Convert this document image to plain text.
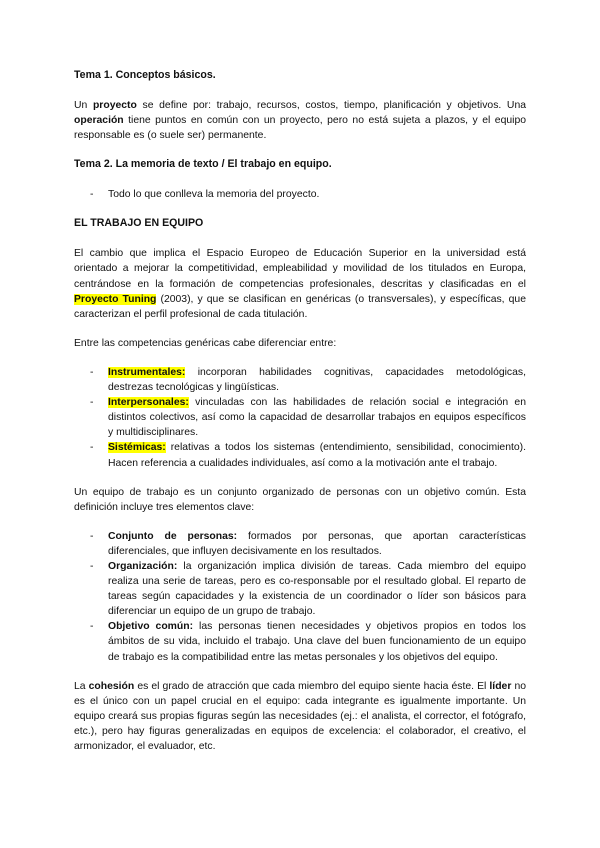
Tema 1. Conceptos básicos.

Un proyecto se define por: trabajo, recursos, costos, tiempo, planificación y objetivos. Una operación tiene puntos en común con un proyecto, pero no está sujeta a plazos, y el equipo responsable es (o suele ser) permanente.

Tema 2. La memoria de texto / El trabajo en equipo.
- Todo lo que conlleva la memoria del proyecto.
EL TRABAJO EN EQUIPO

El cambio que implica el Espacio Europeo de Educación Superior en la universidad está orientado a mejorar la competitividad, empleabilidad y movilidad de los titulados en Europa, centrándose en la formación de competencias profesionales, descritas y clasificadas en el Proyecto Tuning (2003), y que se clasifican en genéricas (o transversales), y específicas, que caracterizan el perfil profesional de cada titulación.

Entre las competencias genéricas cabe diferenciar entre:

- Instrumentales: incorporan habilidades cognitivas, capacidades metodológicas, destrezas tecnológicas y lingüísticas.
- Interpersonales: vinculadas con las habilidades de relación social e integración en distintos colectivos, así como la capacidad de desarrollar trabajos en equipos específicos y multidisciplinares.
- Sistémicas: relativas a todos los sistemas (entendimiento, sensibilidad, conocimiento). Hacen referencia a cualidades individuales, así como a la motivación ante el trabajo.

Un equipo de trabajo es un conjunto organizado de personas con un objetivo común. Esta definición incluye tres elementos clave:

- Conjunto de personas: formados por personas, que aportan características diferenciales, que influyen decisivamente en los resultados.
- Organización: la organización implica división de tareas. Cada miembro del equipo realiza una serie de tareas, pero es co-responsable por el resultado global. El reparto de tareas según capacidades y la existencia de un coordinador o líder son básicos para diferenciar un equipo de un grupo de trabajo.
- Objetivo común: las personas tienen necesidades y objetivos propios en todos los ámbitos de su vida, incluido el trabajo. Una clave del buen funcionamiento de un equipo de trabajo es la compatibilidad entre las metas personales y los objetivos del equipo.

La cohesión es el grado de atracción que cada miembro del equipo siente hacia éste. El líder no es el único con un papel crucial en el equipo: cada integrante es igualmente importante. Un equipo creará sus propias figuras según las necesidades (ej.: el analista, el corrector, el fotógrafo, etc.), pero hay figuras generalizadas en equipos de excelencia: el colaborador, el creativo, el armonizador, el evaluador, etc.
